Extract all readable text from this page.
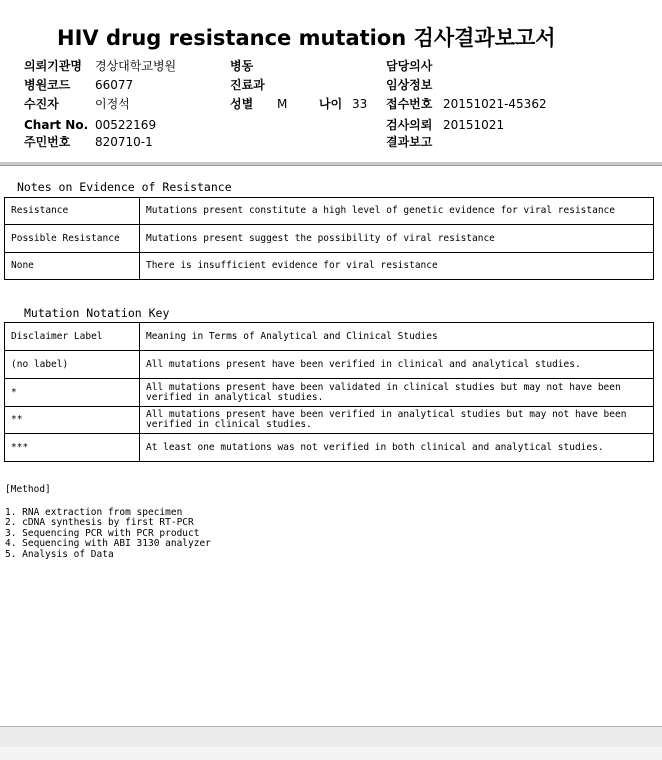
HIV drug resistance mutation 검사결과보고서
의뢰기관명 경상대학교병원	병동	담당의사
병원코드 66077	진료과	임상정보
수진자	이정석	성별 M	나이 33 접수번호 20151021-45362
Chart No. 00522169	검사의뢰 20151021
주민번호 820710-1	결과보고
Notes on Evidence of Resistance
Resistance	Mutations present constitute a high level of genetic evidence for viral resistance
Possible Resistance	Mutations present suggest the possibility of viral resistance
None	There is insufficient evidence for viral resistance
Mutation Notation Key
Disclaimer Label	Meaning in Terms of Analytical and Clinical Studies
(no label)	All mutations present have been verified in clinical and analytical studies.
*	All mutations present have been validated in clinical studies but may not have been verified in analytical studies.
**	All mutations present have been verified in analytical studies but may not have been verified in clinical studies.
***	At least one mutations was not verified in both clinical and analytical studies.
[Method]
1. RNA extraction from specimen
2. cDNA synthesis by first RT-PCR
3. Sequencing PCR with PCR product
4. Sequencing with ABI 3130 analyzer
5. Analysis of Data
